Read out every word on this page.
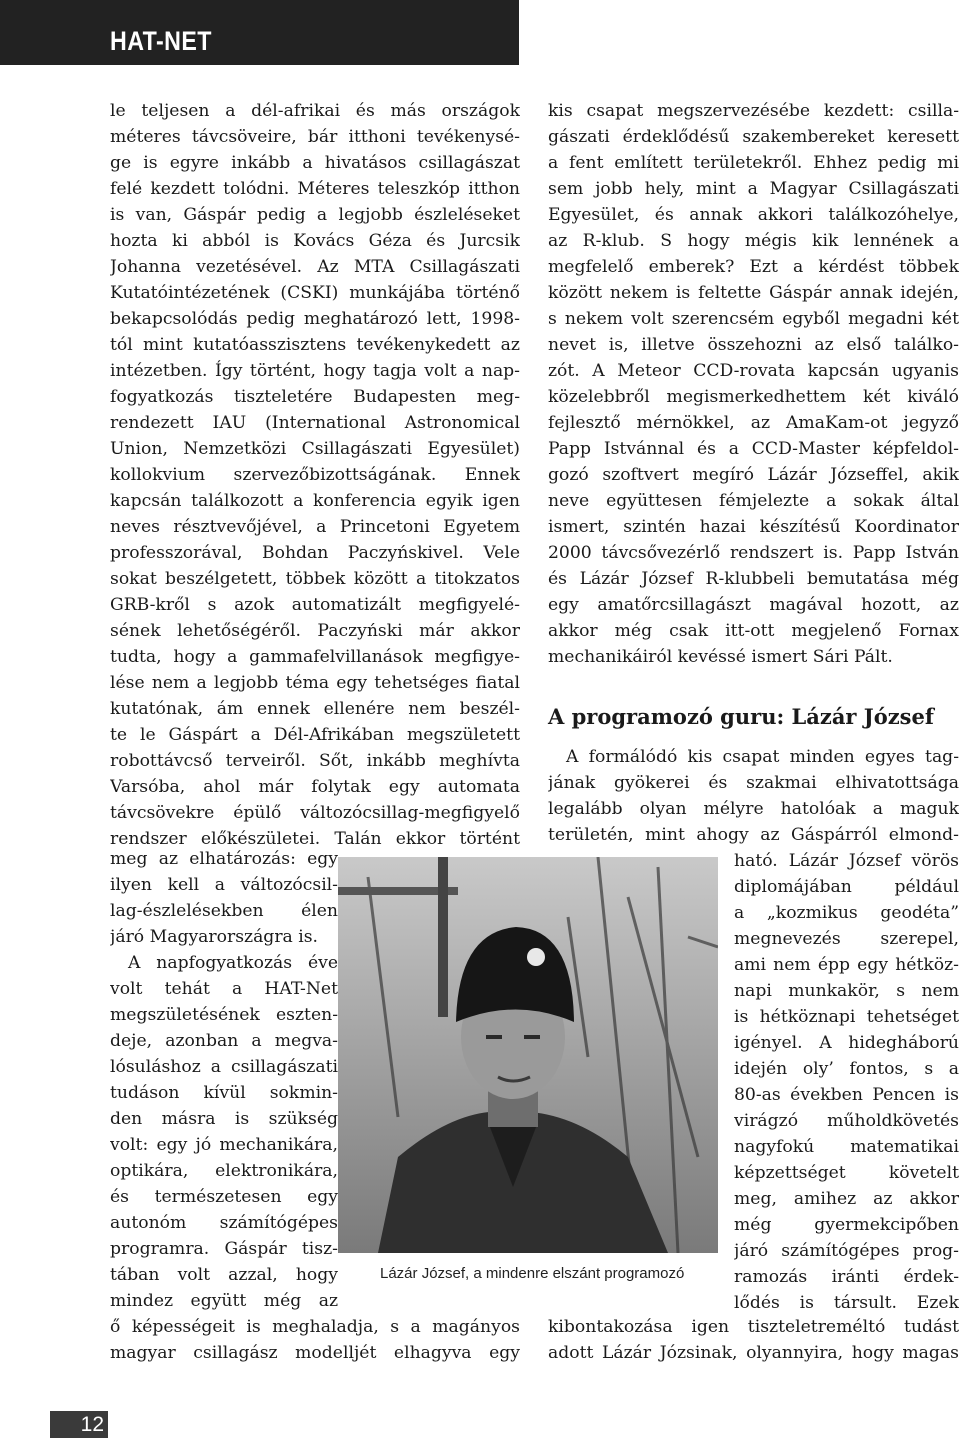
HAT-NET
le teljesen a dél-afrikai és más országok
méteres távcsöveire, bár itthoni tevékenysé-
ge is egyre inkább a hivatásos csillagászat
felé kezdett tolódni. Méteres teleszkóp itthon
is van, Gáspár pedig a legjobb észleléseket
hozta ki abból is Kovács Géza és Jurcsik
Johanna vezetésével. Az MTA Csillagászati
Kutatóintézetének (CSKI) munkájába történő
bekapcsolódás pedig meghatározó lett, 1998-
tól mint kutatóasszisztens tevékenykedett az
intézetben. Így történt, hogy tagja volt a nap-
fogyatkozás tiszteletére Budapesten meg-
rendezett IAU (International Astronomical
Union, Nemzetközi Csillagászati Egyesület)
kollokvium szervezőbizottságának. Ennek
kapcsán találkozott a konferencia egyik igen
neves résztvevőjével, a Princetoni Egyetem
professzorával, Bohdan Paczyńskivel. Vele
sokat beszélgetett, többek között a titokzatos
GRB-kről s azok automatizált megfigyelé-
sének lehetőségéről. Paczyński már akkor
tudta, hogy a gammafelvillanások megfigye-
lése nem a legjobb téma egy tehetséges fiatal
kutatónak, ám ennek ellenére nem beszél-
te le Gáspárt a Dél-Afrikában megszületett
robottávcső terveiről. Sőt, inkább meghívta
Varsóba, ahol már folytak egy automata
távcsövekre épülő változócsillag-megfigyelő
rendszer előkészületei. Talán ekkor történt
meg az elhatározás: egy
ilyen kell a változócsil-
lag-észlelésekben élen
járó Magyarországra is.
A napfogyatkozás éve
volt tehát a HAT-Net
megszületésének eszten-
deje, azonban a megva-
lósuláshoz a csillagászati
tudáson kívül sokmin-
den másra is szükség
volt: egy jó mechanikára,
optikára, elektronikára,
és természetesen egy
autonóm számítógépes
programra. Gáspár tisz-
tában volt azzal, hogy
mindez együtt még az
ő képességeit is meghaladja, s a magányos
magyar csillagász modelljét elhagyva egy
kis csapat megszervezésébe kezdett: csilla-
gászati érdeklődésű szakembereket keresett
a fent említett területekről. Ehhez pedig mi
sem jobb hely, mint a Magyar Csillagászati
Egyesület, és annak akkori találkozóhelye,
az R-klub. S hogy mégis kik lennének a
megfelelő emberek? Ezt a kérdést többek
között nekem is feltette Gáspár annak idején,
s nekem volt szerencsém egyből megadni két
nevet is, illetve összehozni az első találko-
zót. A Meteor CCD-rovata kapcsán ugyanis
közelebbről megismerkedhettem két kiváló
fejlesztő mérnökkel, az AmaKam-ot jegyző
Papp Istvánnal és a CCD-Master képfeldol-
gozó szoftvert megíró Lázár Józseffel, akik
neve együttesen fémjelezte a sokak által
ismert, szintén hazai készítésű Koordinator
2000 távcsővezérlő rendszert is. Papp István
és Lázár József R-klubbeli bemutatása még
egy amatőrcsillagászt magával hozott, az
akkor még csak itt-ott megjelenő Fornax
mechanikáiról kevéssé ismert Sári Pált.
A programozó guru: Lázár József
A formálódó kis csapat minden egyes tag-
jának gyökerei és szakmai elhivatottsága
legalább olyan mélyre hatolóak a maguk
területén, mint ahogy az Gáspárról elmond-
ható. Lázár József vörös
diplomájában például
a „kozmikus geodéta”
megnevezés szerepel,
ami nem épp egy hétköz-
napi munkakör, s nem
is hétköznapi tehetséget
igényel. A hidegháború
idején oly’ fontos, s a
80-as években Pencen is
virágzó műholdkövetés
nagyfokú matematikai
képzettséget követelt
meg, amihez az akkor
még gyermekcipőben
járó számítógépes prog-
ramozás iránti érdek-
lődés is társult. Ezek
kibontakozása igen tiszteletreméltó tudást
adott Lázár Józsinak, olyannyira, hogy magas
Lázár József, a mindenre elszánt programozó
12
